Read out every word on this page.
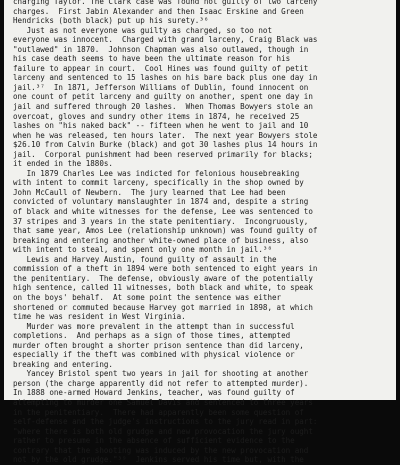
cnarging Taylor. The Clark case was found not guilty of two larceny
charges.  First Jabin Alexander and then Isaac Erskine and Green
Hendricks (both black) put up his surety.³⁶
Just as not everyone was guilty as charged, so too not
everyone was innocent.  Charged with grand larceny, Craig Black was
"outlawed" in 1870.  Johnson Chapman was also outlawed, though in
his case death seems to have been the ultimate reason for his
failure to appear in court.  Cool Hines was found guilty of petit
larceny and sentenced to 15 lashes on his bare back plus one day in
jail.³⁷  In 1871, Jefferson Williams of Dublin, found innocent on
one count of petit larceny and guilty on another, spent one day in
jail and suffered through 20 lashes.  When Thomas Bowyers stole an
overcoat, gloves and sundry other items in 1874, he received 25
lashes on "his naked back" -- fifteen when he went to jail and 10
when he was released, ten hours later.  The next year Bowyers stole
$26.10 from Calvin Burke (black) and got 30 lashes plus 14 hours in
jail.  Corporal punishment had been reserved primarily for blacks;
it ended in the 1880s.
In 1879 Charles Lee was indicted for felonious housebreaking
with intent to commit larceny, specifically in the shop owned by
John McCaull of Newbern.  The jury learned that Lee had been
convicted of voluntary manslaughter in 1874 and, despite a string
of black and white witnesses for the defense, Lee was sentenced to
37 stripes and 3 years in the state penitentiary.  Incongruously,
that same year, Amos Lee (relationship unknown) was found guilty of
breaking and entering another white-owned place of business, also
with intent to steal, and spent only one month in jail.³⁸
Lewis and Harvey Austin, found guilty of assault in the
commission of a theft in 1894 were both sentenced to eight years in
the penitentiary.  The defense, obviously aware of the potentially
high sentence, called 11 witnesses, both black and white, to speak
on the boys' behalf.  At some point the sentence was either
shortened or commuted because Harvey got married in 1898, at which
time he was resident in West Virginia.
Murder was more prevalent in the attempt than in successful
completions.  And perhaps as a sign of those times, attempted
murder often brought a shorter prison sentence than did larceny,
especially if the theft was combined with physical violence or
breaking and entering.
Yancey Bristol spent two years in jail for shooting at another
person (the charge apparently did not refer to attempted murder).
In 1888 one-armed Howard Jenkins, teacher, was found guilty of
attempting to murder one Samuel Davis and sentenced to three years
in the penitentiary.  There had apparently been some question of
self-defense and the judge's instructions to the jury read in part:
"where there is both old grudge and new provocation the jury ought
rather to presume in the absence of sufficient evidence to the
contrary that the shooting was induced by the new provocation and
not by the old grudge."³⁹  Jenkins served his time but, with the
